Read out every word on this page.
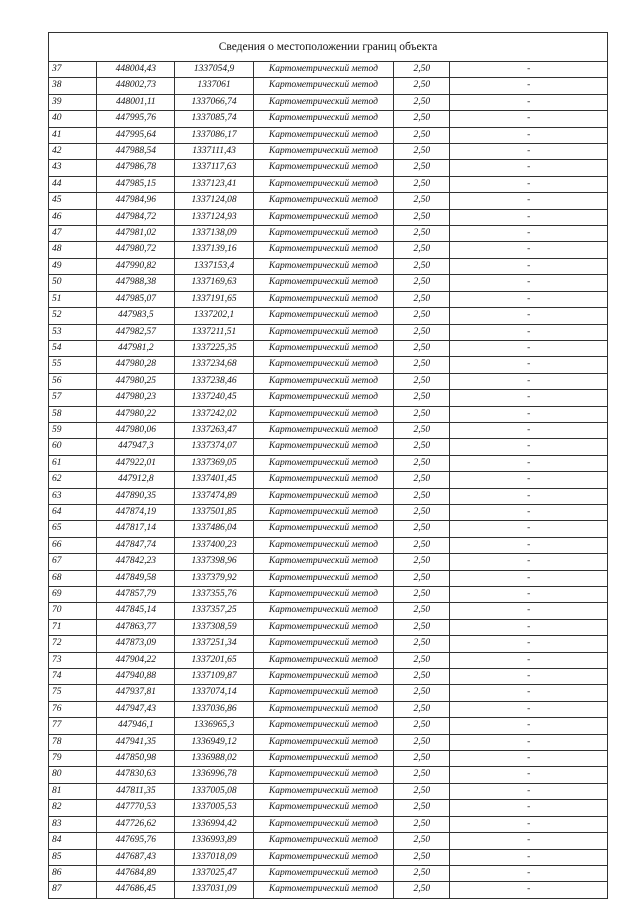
Сведения о местоположении границ объекта					
37	448004,43	1337054,9	Картометрический метод	2,50	-
38	448002,73	1337061	Картометрический метод	2,50	-
39	448001,11	1337066,74	Картометрический метод	2,50	-
40	447995,76	1337085,74	Картометрический метод	2,50	-
41	447995,64	1337086,17	Картометрический метод	2,50	-
42	447988,54	1337111,43	Картометрический метод	2,50	-
43	447986,78	1337117,63	Картометрический метод	2,50	-
44	447985,15	1337123,41	Картометрический метод	2,50	-
45	447984,96	1337124,08	Картометрический метод	2,50	-
46	447984,72	1337124,93	Картометрический метод	2,50	-
47	447981,02	1337138,09	Картометрический метод	2,50	-
48	447980,72	1337139,16	Картометрический метод	2,50	-
49	447990,82	1337153,4	Картометрический метод	2,50	-
50	447988,38	1337169,63	Картометрический метод	2,50	-
51	447985,07	1337191,65	Картометрический метод	2,50	-
52	447983,5	1337202,1	Картометрический метод	2,50	-
53	447982,57	1337211,51	Картометрический метод	2,50	-
54	447981,2	1337225,35	Картометрический метод	2,50	-
55	447980,28	1337234,68	Картометрический метод	2,50	-
56	447980,25	1337238,46	Картометрический метод	2,50	-
57	447980,23	1337240,45	Картометрический метод	2,50	-
58	447980,22	1337242,02	Картометрический метод	2,50	-
59	447980,06	1337263,47	Картометрический метод	2,50	-
60	447947,3	1337374,07	Картометрический метод	2,50	-
61	447922,01	1337369,05	Картометрический метод	2,50	-
62	447912,8	1337401,45	Картометрический метод	2,50	-
63	447890,35	1337474,89	Картометрический метод	2,50	-
64	447874,19	1337501,85	Картометрический метод	2,50	-
65	447817,14	1337486,04	Картометрический метод	2,50	-
66	447847,74	1337400,23	Картометрический метод	2,50	-
67	447842,23	1337398,96	Картометрический метод	2,50	-
68	447849,58	1337379,92	Картометрический метод	2,50	-
69	447857,79	1337355,76	Картометрический метод	2,50	-
70	447845,14	1337357,25	Картометрический метод	2,50	-
71	447863,77	1337308,59	Картометрический метод	2,50	-
72	447873,09	1337251,34	Картометрический метод	2,50	-
73	447904,22	1337201,65	Картометрический метод	2,50	-
74	447940,88	1337109,87	Картометрический метод	2,50	-
75	447937,81	1337074,14	Картометрический метод	2,50	-
76	447947,43	1337036,86	Картометрический метод	2,50	-
77	447946,1	1336965,3	Картометрический метод	2,50	-
78	447941,35	1336949,12	Картометрический метод	2,50	-
79	447850,98	1336988,02	Картометрический метод	2,50	-
80	447830,63	1336996,78	Картометрический метод	2,50	-
81	447811,35	1337005,08	Картометрический метод	2,50	-
82	447770,53	1337005,53	Картометрический метод	2,50	-
83	447726,62	1336994,42	Картометрический метод	2,50	-
84	447695,76	1336993,89	Картометрический метод	2,50	-
85	447687,43	1337018,09	Картометрический метод	2,50	-
86	447684,89	1337025,47	Картометрический метод	2,50	-
87	447686,45	1337031,09	Картометрический метод	2,50	-
